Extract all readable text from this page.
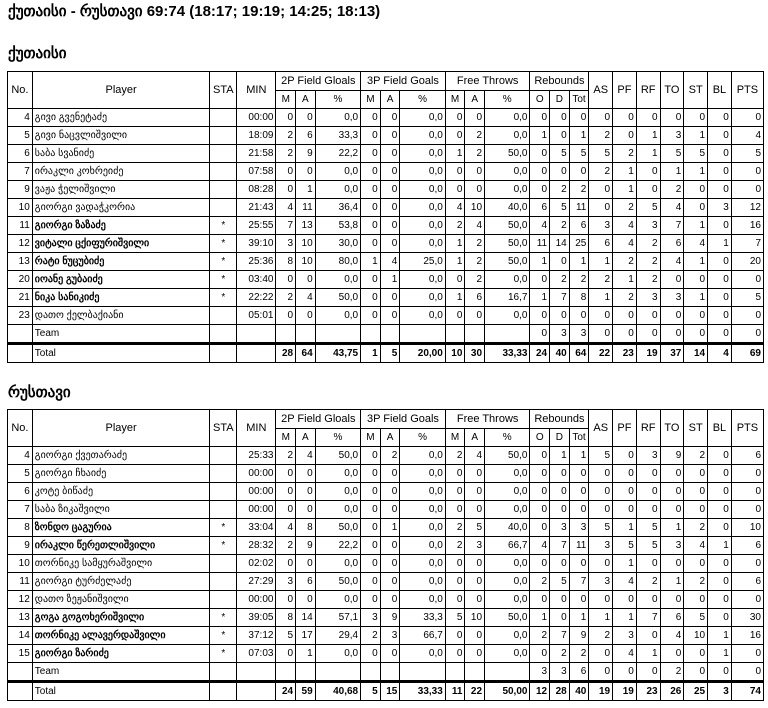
ქუთაისი - რუსთავი 69:74 (18:17; 19:19; 14:25; 18:13)
ქუთაისი
No.	Player	STA	MIN	2P Field Gloals			3P Field Goals			Free Throws			Rebounds			AS	PF	RF	TO	ST	BL	PTS
				M	A	%	M	A	%	M	A	%	O	D	Tot							
4	გივი გვენეტაძე		00:00	0	0	0,0	0	0	0,0	0	0	0,0	0	0	0	0	0	0	0	0	0	0
5	გივი ნაცვლიშვილი		18:09	2	6	33,3	0	0	0,0	0	2	0,0	1	0	1	2	0	1	3	1	0	4
6	საბა სვანიძე		21:58	2	9	22,2	0	0	0,0	1	2	50,0	0	5	5	5	2	1	5	5	0	5
7	ირაკლი კოხრეიძე		07:58	0	0	0,0	0	0	0,0	0	0	0,0	0	0	0	2	1	0	1	1	0	0
9	ვაჟა ჭელიშვილი		08:28	0	1	0,0	0	0	0,0	0	0	0,0	0	2	2	0	1	0	2	0	0	0
10	გიორგი ვადაჭკორია		21:43	4	11	36,4	0	0	0,0	4	10	40,0	6	5	11	0	2	5	4	0	3	12
11	გიორგი ზაზაძე	*	25:55	7	13	53,8	0	0	0,0	2	4	50,0	4	2	6	3	4	3	7	1	0	16
12	ვიტალი ცქიფურიშვილი	*	39:10	3	10	30,0	0	0	0,0	1	2	50,0	11	14	25	6	4	2	6	4	1	7
13	რატი ნუცუბიძე	*	25:36	8	10	80,0	1	4	25,0	1	2	50,0	1	0	1	1	2	2	4	1	0	20
20	იოანე გუბაიძე	*	03:40	0	0	0,0	0	1	0,0	0	2	0,0	0	2	2	2	1	2	0	0	0	0
21	ნიკა სანიკიძე	*	22:22	2	4	50,0	0	0	0,0	1	6	16,7	1	7	8	1	2	3	3	1	0	5
23	დათო ქელბაქიანი		05:01	0	0	0,0	0	0	0,0	0	0	0,0	0	0	0	0	0	0	0	0	0	0
	Team												0	3	3	0	0	0	0	0	0	0
	Total			28	64	43,75	1	5	20,00	10	30	33,33	24	40	64	22	23	19	37	14	4	69
რუსთავი
No.	Player	STA	MIN	2P Field Gloals			3P Field Goals			Free Throws			Rebounds			AS	PF	RF	TO	ST	BL	PTS
				M	A	%	M	A	%	M	A	%	O	D	Tot							
4	გიორგი ქვეთარაძე		25:33	2	4	50,0	0	2	0,0	2	4	50,0	0	1	1	5	0	3	9	2	0	6
5	გიორგი ჩხაიძე		00:00	0	0	0,0	0	0	0,0	0	0	0,0	0	0	0	0	0	0	0	0	0	0
6	კოტე ბიწაძე		00:00	0	0	0,0	0	0	0,0	0	0	0,0	0	0	0	0	0	0	0	0	0	0
7	საბა ზიკაშვილი		00:00	0	0	0,0	0	0	0,0	0	0	0,0	0	0	0	0	0	0	0	0	0	0
8	ზონდო ცაგურია	*	33:04	4	8	50,0	0	1	0,0	2	5	40,0	0	3	3	5	1	5	1	2	0	10
9	ირაკლი წერეთლიშვილი	*	28:32	2	9	22,2	0	0	0,0	2	3	66,7	4	7	11	3	5	5	3	4	1	6
10	თორნიკე სამყურაშვილი		02:02	0	0	0,0	0	0	0,0	0	0	0,0	0	0	0	0	1	0	0	0	0	0
11	გიორგი ტურძელაძე		27:29	3	6	50,0	0	0	0,0	0	0	0,0	2	5	7	3	4	2	1	2	0	6
12	დათო ზეჟანიშვილი		00:00	0	0	0,0	0	0	0,0	0	0	0,0	0	0	0	0	0	0	0	0	0	0
13	გოგა გოგოხერიშვილი	*	39:05	8	14	57,1	3	9	33,3	5	10	50,0	1	0	1	1	1	7	6	5	0	30
14	თორნიკე ალავერდაშვილი	*	37:12	5	17	29,4	2	3	66,7	0	0	0,0	2	7	9	2	3	0	4	10	1	16
15	გიორგი ზარიძე	*	07:03	0	1	0,0	0	0	0,0	0	0	0,0	0	2	2	0	4	1	0	0	1	0
	Team												3	3	6	0	0	0	2	0	0	0
	Total			24	59	40,68	5	15	33,33	11	22	50,00	12	28	40	19	19	23	26	25	3	74
